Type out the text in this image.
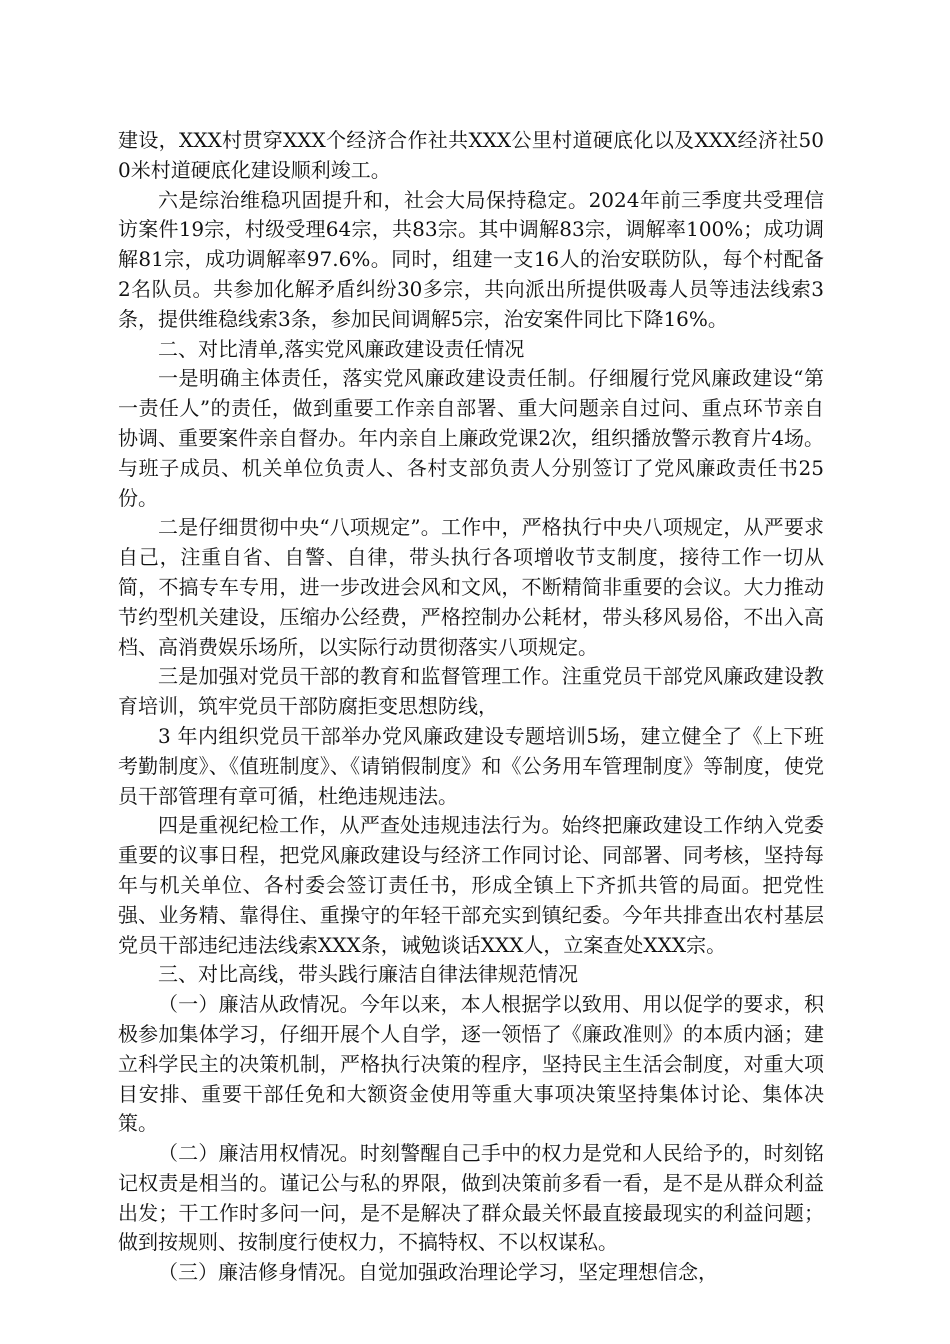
建设，XXX村贯穿XXX个经济合作社共XXX公里村道硬底化以及XXX经济社500米村道硬底化建设顺利竣工。

六是综治维稳巩固提升和，社会大局保持稳定。2024年前三季度共受理信访案件19宗，村级受理64宗，共83宗。其中调解83宗，调解率100%；成功调解81宗，成功调解率97.6%。同时，组建一支16人的治安联防队，每个村配备2名队员。共参加化解矛盾纠纷30多宗，共向派出所提供吸毒人员等违法线索3条，提供维稳线索3条，参加民间调解5宗，治安案件同比下降16%。

二、对比清单,落实党风廉政建设责任情况

一是明确主体责任，落实党风廉政建设责任制。仔细履行党风廉政建设“第一责任人”的责任，做到重要工作亲自部署、重大问题亲自过问、重点环节亲自协调、重要案件亲自督办。年内亲自上廉政党课2次，组织播放警示教育片4场。与班子成员、机关单位负责人、各村支部负责人分别签订了党风廉政责任书25份。

二是仔细贯彻中央“八项规定”。工作中，严格执行中央八项规定，从严要求自己，注重自省、自警、自律，带头执行各项增收节支制度，接待工作一切从简，不搞专车专用，进一步改进会风和文风，不断精简非重要的会议。大力推动节约型机关建设，压缩办公经费，严格控制办公耗材，带头移风易俗，不出入高档、高消费娱乐场所，以实际行动贯彻落实八项规定。

三是加强对党员干部的教育和监督管理工作。注重党员干部党风廉政建设教育培训，筑牢党员干部防腐拒变思想防线，

3 年内组织党员干部举办党风廉政建设专题培训5场，建立健全了《上下班考勤制度》、《值班制度》、《请销假制度》和《公务用车管理制度》等制度，使党员干部管理有章可循，杜绝违规违法。

四是重视纪检工作，从严查处违规违法行为。始终把廉政建设工作纳入党委重要的议事日程，把党风廉政建设与经济工作同讨论、同部署、同考核，坚持每年与机关单位、各村委会签订责任书，形成全镇上下齐抓共管的局面。把党性强、业务精、靠得住、重操守的年轻干部充实到镇纪委。今年共排查出农村基层党员干部违纪违法线索XXX条，诫勉谈话XXX人，立案查处XXX宗。

三、对比高线，带头践行廉洁自律法律规范情况

（一）廉洁从政情况。今年以来，本人根据学以致用、用以促学的要求，积极参加集体学习，仔细开展个人自学，逐一领悟了《廉政准则》的本质内涵；建立科学民主的决策机制，严格执行决策的程序，坚持民主生活会制度，对重大项目安排、重要干部任免和大额资金使用等重大事项决策坚持集体讨论、集体决策。

（二）廉洁用权情况。时刻警醒自己手中的权力是党和人民给予的，时刻铭记权责是相当的。谨记公与私的界限，做到决策前多看一看，是不是从群众利益出发；干工作时多问一问，是不是解决了群众最关怀最直接最现实的利益问题；做到按规则、按制度行使权力，不搞特权、不以权谋私。

（三）廉洁修身情况。自觉加强政治理论学习，坚定理想信念，
